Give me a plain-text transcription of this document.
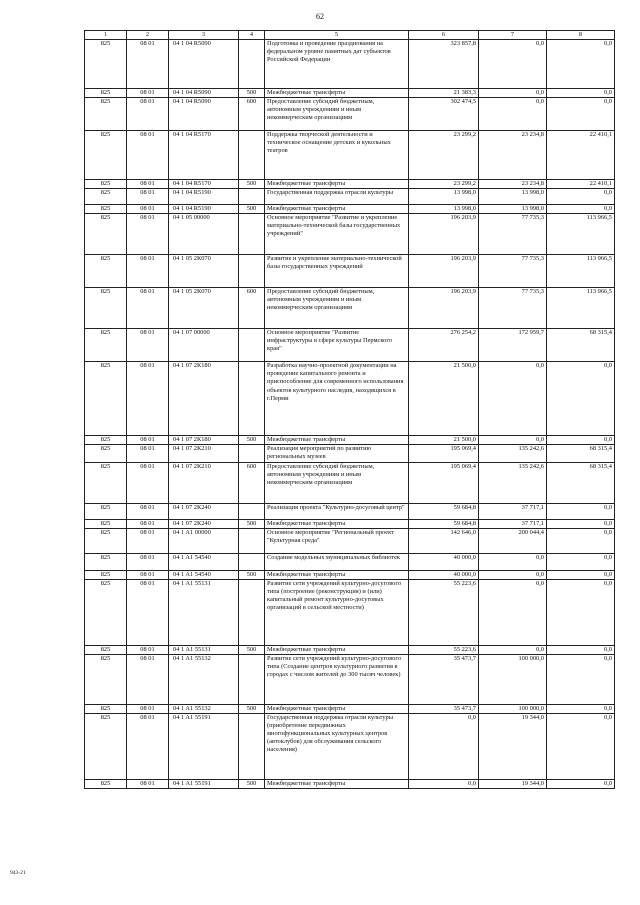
62
1	2	3	4	5	6	7	8
825	08 01	04 1 04 R5090		Подготовка и проведение празднования на федеральном уровне памятных дат субъектов Российской Федерации	323 857,8	0,0	0,0
825	08 01	04 1 04 R5090	500	Межбюджетные трансферты	21 383,3	0,0	0,0
825	08 01	04 1 04 R5090	600	Предоставление субсидий бюджетным, автономным учреждениям и иным некоммерческим организациям	302 474,5	0,0	0,0
825	08 01	04 1 04 R5170		Поддержка творческой деятельности и техническое оснащение детских и кукольных театров	23 299,2	23 234,8	22 410,1
825	08 01	04 1 04 R5170	500	Межбюджетные трансферты	23 299,2	23 234,8	22 410,1
825	08 01	04 1 04 R5190		Государственная поддержка отрасли культуры	13 998,0	13 998,0	0,0
825	08 01	04 1 04 R5190	500	Межбюджетные трансферты	13 998,0	13 998,0	0,0
825	08 01	04 1 05 00000		Основное мероприятие "Развитие и укрепление материально-технической базы государственных учреждений"	196 203,9	77 735,3	113 966,5
825	08 01	04 1 05 2К070		Развитие и укрепление материально-технической базы государственных учреждений	196 203,9	77 735,3	113 966,5
825	08 01	04 1 05 2К070	600	Предоставление субсидий бюджетным, автономным учреждениям и иным некоммерческим организациям	196 203,9	77 735,3	113 966,5
825	08 01	04 1 07 00000		Основное мероприятие "Развитие инфраструктуры в сфере культуры Пермского края"	276 254,2	172 959,7	68 315,4
825	08 01	04 1 07 2К180		Разработка научно-проектной документации на проведение капитального ремонта и приспособление для современного использования объектов культурного наследия, находящихся в г.Перми	21 500,0	0,0	0,0
825	08 01	04 1 07 2К180	500	Межбюджетные трансферты	21 500,0	0,0	0,0
825	08 01	04 1 07 2К210		Реализация мероприятий по развитию региональных музеев	195 069,4	135 242,6	68 315,4
825	08 01	04 1 07 2К210	600	Предоставление субсидий бюджетным, автономным учреждениям и иным некоммерческим организациям	195 069,4	135 242,6	68 315,4
825	08 01	04 1 07 2К240		Реализация проекта "Культурно-досуговый центр"	59 684,8	37 717,1	0,0
825	08 01	04 1 07 2К240	500	Межбюджетные трансферты	59 684,8	37 717,1	0,0
825	08 01	04 1 A1 00000		Основное мероприятие "Региональный проект "Культурная среда"	142 646,0	200 044,4	0,0
825	08 01	04 1 A1 54540		Создание модельных муниципальных библиотек	40 000,0	0,0	0,0
825	08 01	04 1 A1 54540	500	Межбюджетные трансферты	40 000,0	0,0	0,0
825	08 01	04 1 A1 55131		Развитие сети учреждений культурно-досугового типа (построение (реконструкция) и (или) капитальный ремонт культурно-досуговых организаций в сельской местности)	55 223,6	0,0	0,0
825	08 01	04 1 A1 55131	500	Межбюджетные трансферты	55 223,6	0,0	0,0
825	08 01	04 1 A1 55132		Развитие сети учреждений культурно-досугового типа (Создание центров культурного развития в городах с числом жителей до 300 тысяч человек)	35 473,7	100 000,0	0,0
825	08 01	04 1 A1 55132	500	Межбюджетные трансферты	35 473,7	100 000,0	0,0
825	08 01	04 1 A1 55191		Государственная поддержка отрасли культуры (приобретение передвижных многофункциональных культурных центров (автоклубов) для обслуживания сельского населения)	0,0	19 344,0	0,0
825	08 01	04 1 A1 55191	500	Межбюджетные трансферты	0,0	19 344,0	0,0
943-21
